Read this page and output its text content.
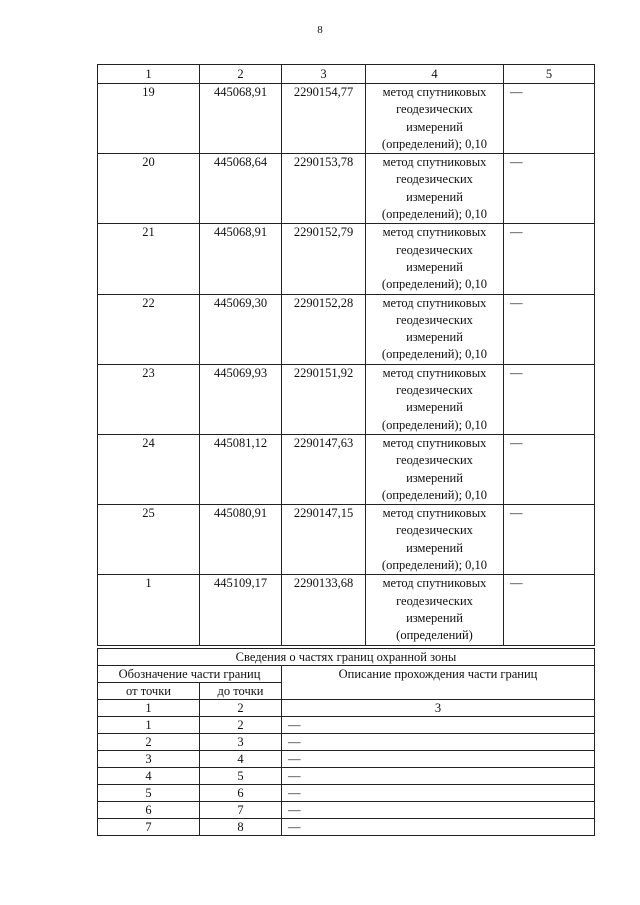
8
1	2	3	4	5
19	445068,91	2290154,77	метод спутниковых
геодезических
измерений
(определений); 0,10	—
20	445068,64	2290153,78	метод спутниковых
геодезических
измерений
(определений); 0,10	—
21	445068,91	2290152,79	метод спутниковых
геодезических
измерений
(определений); 0,10	—
22	445069,30	2290152,28	метод спутниковых
геодезических
измерений
(определений); 0,10	—
23	445069,93	2290151,92	метод спутниковых
геодезических
измерений
(определений); 0,10	—
24	445081,12	2290147,63	метод спутниковых
геодезических
измерений
(определений); 0,10	—
25	445080,91	2290147,15	метод спутниковых
геодезических
измерений
(определений); 0,10	—
1	445109,17	2290133,68	метод спутниковых
геодезических
измерений
(определений)	—
Сведения о частях границ охранной зоны		
Обозначение части границ		Описание прохождения части границ
от точки	до точки	
1	2	3
1	2	—
2	3	—
3	4	—
4	5	—
5	6	—
6	7	—
7	8	—
